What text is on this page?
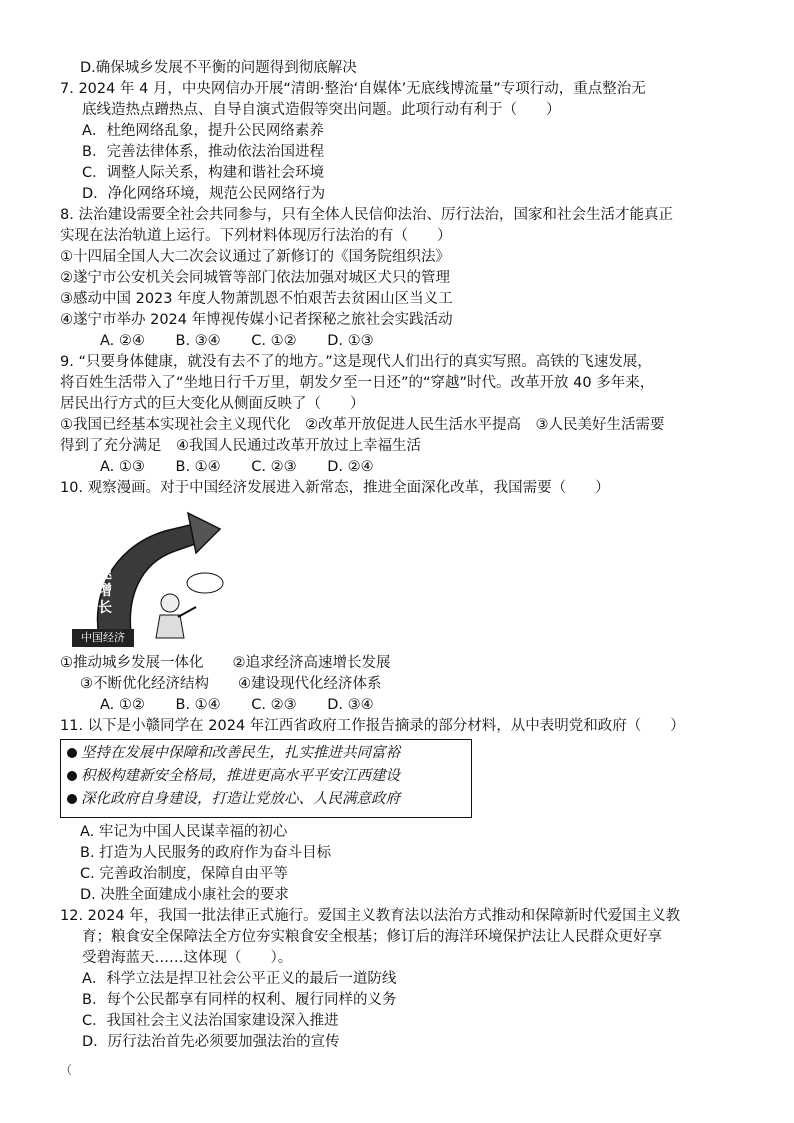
D.确保城乡发展不平衡的问题得到彻底解决
7. 2024 年 4 月，中央网信办开展“清朗·整治‘自媒体’无底线博流量”专项行动，重点整治无
底线造热点蹭热点、自导自演式造假等突出问题。此项行动有利于（　　）
A．杜绝网络乱象，提升公民网络素养
B．完善法律体系，推动依法治国进程
C．调整人际关系，构建和谐社会环境
D．净化网络环境，规范公民网络行为
8. 法治建设需要全社会共同参与，只有全体人民信仰法治、厉行法治，国家和社会生活才能真正
实现在法治轨道上运行。下列材料体现厉行法治的有（　　）
①十四届全国人大二次会议通过了新修订的《国务院组织法》
②遂宁市公安机关会同城管等部门依法加强对城区犬只的管理
③感动中国 2023 年度人物萧凯恩不怕艰苦去贫困山区当义工
④遂宁市举办 2024 年博视传媒小记者探秘之旅社会实践活动
A. ②④ B. ③④ C. ①② D. ①③
9. “只要身体健康，就没有去不了的地方。”这是现代人们出行的真实写照。高铁的飞速发展，
将百姓生活带入了“坐地日行千万里，朝发夕至一日还”的“穿越”时代。改革开放 40 多年来，
居民出行方式的巨大变化从侧面反映了（　　）
①我国已经基本实现社会主义现代化　②改革开放促进人民生活水平提高　③人民美好生活需要
得到了充分满足　④我国人民通过改革开放过上幸福生活
A. ①③ B. ①④ C. ②③ D. ②④
10. 观察漫画。对于中国经济发展进入新常态，推进全面深化改革，我国需要（　　）
高速增长
中国经济
①推动城乡发展一体化　　②追求经济高速增长发展
③不断优化经济结构　　④建设现代化经济体系
A. ①② B. ①④ C. ②③ D. ③④
11. 以下是小赣同学在 2024 年江西省政府工作报告摘录的部分材料，从中表明党和政府（　　）
坚持在发展中保障和改善民生，扎实推进共同富裕
积极构建新安全格局，推进更高水平平安江西建设
深化政府自身建设，打造让党放心、人民满意政府
A. 牢记为中国人民谋幸福的初心
B. 打造为人民服务的政府作为奋斗目标
C. 完善政治制度，保障自由平等
D. 决胜全面建成小康社会的要求
12. 2024 年，我国一批法律正式施行。爱国主义教育法以法治方式推动和保障新时代爱国主义教
育；粮食安全保障法全方位夯实粮食安全根基；修订后的海洋环境保护法让人民群众更好享
受碧海蓝天……这体现（　　）。
A．科学立法是捍卫社会公平正义的最后一道防线
B．每个公民都享有同样的权利、履行同样的义务
C．我国社会主义法治国家建设深入推进
D．厉行法治首先必须要加强法治的宣传
（
